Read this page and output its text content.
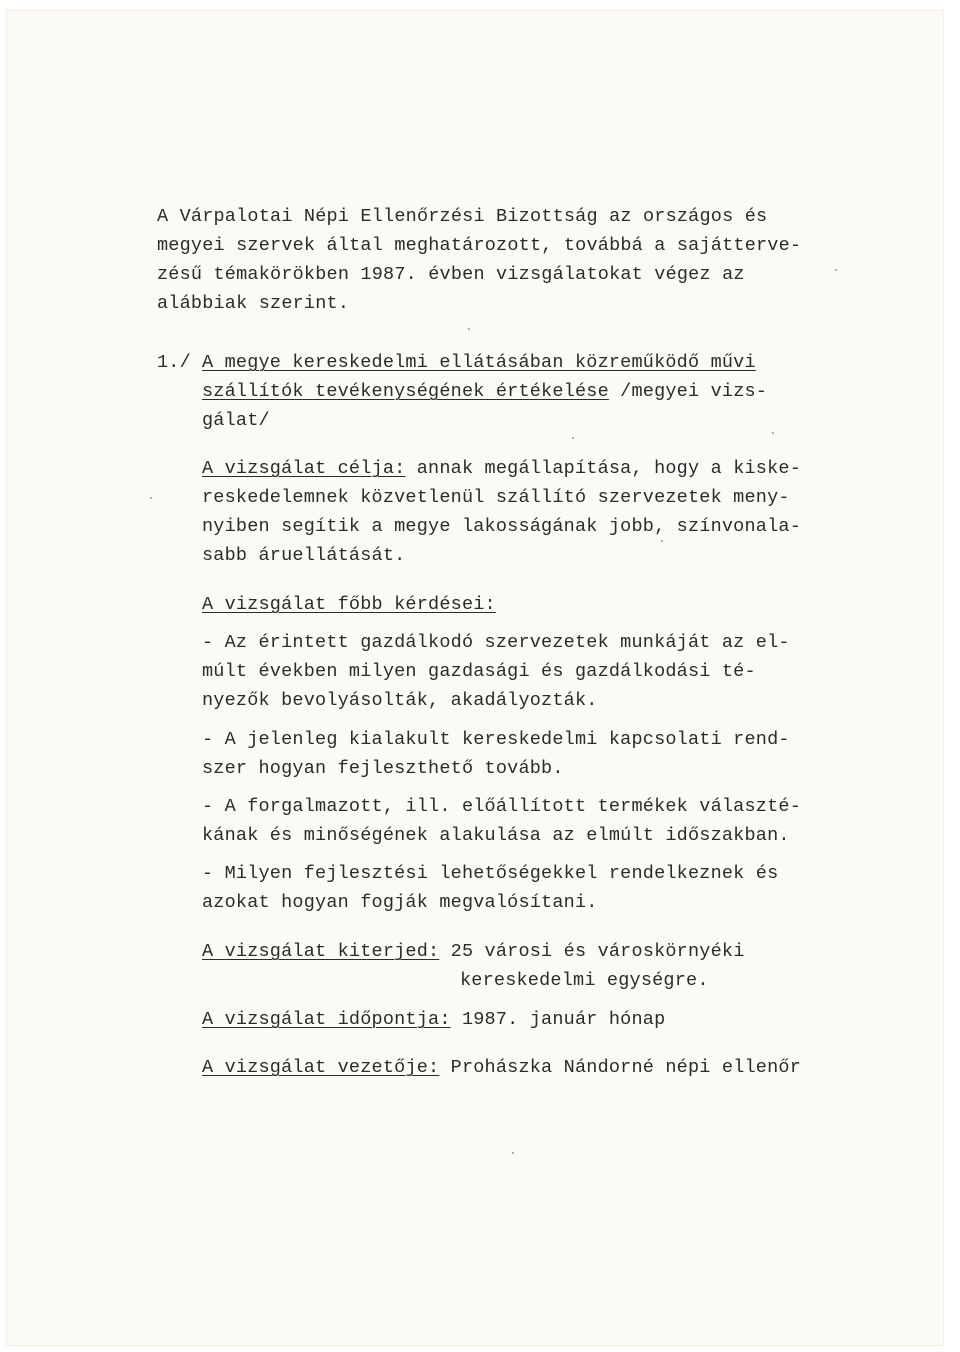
A Várpalotai Népi Ellenőrzési Bizottság az országos és
megyei szervek által meghatározott, továbbá a sajátterve-
zésű témakörökben 1987. évben vizsgálatokat végez az
alábbiak szerint.
1./ A megye kereskedelmi ellátásában közreműködő művi
szállítók tevékenységének értékelése /megyei vizs-
gálat/
A vizsgálat célja: annak megállapítása, hogy a kiske-
reskedelemnek közvetlenül szállító szervezetek meny-
nyiben segítik a megye lakosságának jobb, színvonala-
sabb áruellátását.
A vizsgálat főbb kérdései:
- Az érintett gazdálkodó szervezetek munkáját az el-
múlt években milyen gazdasági és gazdálkodási té-
nyezők bevolyásolták, akadályozták.
- A jelenleg kialakult kereskedelmi kapcsolati rend-
szer hogyan fejleszthető tovább.
- A forgalmazott, ill. előállított termékek választé-
kának és minőségének alakulása az elmúlt időszakban.
- Milyen fejlesztési lehetőségekkel rendelkeznek és
azokat hogyan fogják megvalósítani.
A vizsgálat kiterjed: 25 városi és városkörnyéki
kereskedelmi egységre.
A vizsgálat időpontja: 1987. január hónap
A vizsgálat vezetője: Prohászka Nándorné népi ellenőr
